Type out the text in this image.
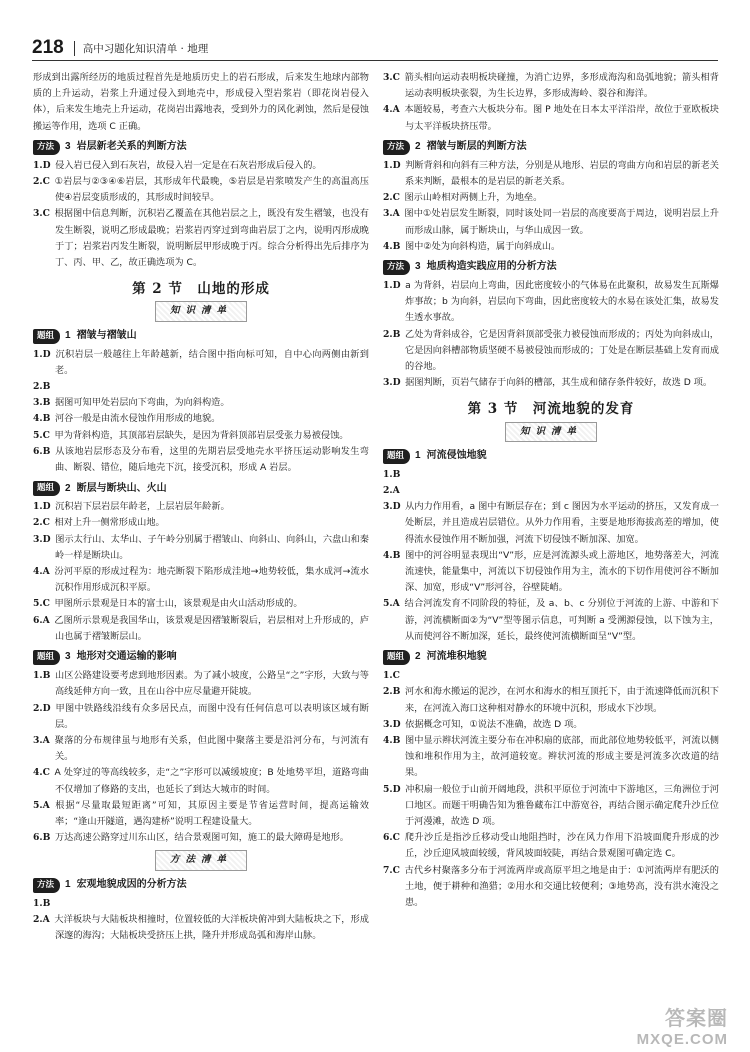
218	高中习题化知识清单 · 地理

形成到出露所经历的地质过程首先是地质历史上的岩石形成，后来发生地球内部物质的上升运动，岩浆上升通过侵入到地壳中，形成侵入型岩浆岩（即花岗岩侵入体），后来发生地壳上升运动，花岗岩出露地表，受到外力的风化剥蚀，然后是侵蚀搬运等作用，选项 C 正确。

方法	3 岩层新老关系的判断方法

1.D  侵入岩已侵入到石灰岩，故侵入岩一定是在石灰岩形成后侵入的。

2.C  ①岩层与②③④⑥岩层，其形成年代最晚，⑤岩层是岩浆喷发产生的高温高压使④岩层变质形成的，其形成时间较早。

3.C  根据图中信息判断，沉积岩乙覆盖在其他岩层之上，既没有发生褶皱，也没有发生断裂，说明乙形成最晚；岩浆岩丙穿过到弯曲岩层丁之内，说明丙形成晚于丁；岩浆岩丙发生断裂，说明断层甲形成晚于丙。综合分析得出先后排序为丁、丙、甲、乙，故正确选项为 C。

第 2 节　山地的形成
知识清单
题组	1 褶皱与褶皱山

1.D  沉积岩层一般越往上年龄越新，结合图中指向标可知，自中心向两侧由新到老。

2.B 

3.B  据图可知甲处岩层向下弯曲，为向斜构造。

4.B  河谷一般是由流水侵蚀作用形成的地貌。

5.C  甲为背斜构造，其顶部岩层缺失，是因为背斜顶部岩层受张力易被侵蚀。

6.B  从该地岩层形态及分布看，这里的先期岩层受地壳水平挤压运动影响发生弯曲、断裂、错位，随后地壳下沉，接受沉积，形成 A 岩层。

题组	2 断层与断块山、火山

1.D  沉积岩下层岩层年龄老，上层岩层年龄新。

2.C  相对上升一侧常形成山地。

3.D  图示太行山、太华山、子午岭分别属于褶皱山、向斜山、向斜山，六盘山和秦岭一样是断块山。

4.A  汾河平原的形成过程为：地壳断裂下陷形成洼地→地势较低，集水成河→流水沉积作用形成沉积平原。

5.C  甲图所示景观是日本的富士山，该景观是由火山活动形成的。

6.A  乙图所示景观是我国华山，该景观是因褶皱断裂后，岩层相对上升形成的，庐山也属于褶皱断层山。

题组	3 地形对交通运输的影响

1.B  山区公路建设要考虑到地形因素。为了减小坡度，公路呈“之”字形，大致与等高线延伸方向一致，且在山谷中应尽量避开陡坡。

2.D  甲图中铁路线沿线有众多居民点，而图中没有任何信息可以表明该区域有断层。

3.A  聚落的分布规律虽与地形有关系，但此图中聚落主要是沿河分布，与河流有关。

4.C  A 处穿过的等高线较多，走“之”字形可以减缓坡度；B 处地势平坦，道路弯曲不仅增加了修路的支出，也延长了到达大城市的时间。

5.A  根据“尽量取最短距离”可知，其原因主要是节省运营时间，提高运输效率；“逢山开隧道，遇沟建桥”说明工程建设量大。

6.B  万达高速公路穿过川东山区，结合景观图可知，施工的最大障碍是地形。

方法清单
方法	1 宏观地貌成因的分析方法

1.B 

2.A  大洋板块与大陆板块相撞时，位置较低的大洋板块俯冲到大陆板块之下，形成深邃的海沟；大陆板块受挤压上拱，隆升并形成岛弧和海岸山脉。

3.C  箭头相向运动表明板块碰撞，为消亡边界，多形成海沟和岛弧地貌；箭头相背运动表明板块张裂，为生长边界，多形成海岭、裂谷和海洋。

4.A  本题较易，考查六大板块分布。图 P 地处在日本太平洋沿岸，故位于亚欧板块与太平洋板块挤压带。

方法	2 褶皱与断层的判断方法

1.D  判断背斜和向斜有三种方法，分别是从地形、岩层的弯曲方向和岩层的新老关系来判断，最根本的是岩层的新老关系。

2.C  图示山岭相对两侧上升，为地垒。

3.A  图中①处岩层发生断裂，同时该处同一岩层的高度要高于周边，说明岩层上升而形成山脉，属于断块山，与华山成因一致。

4.B  图中②处为向斜构造，属于向斜成山。

方法	3 地质构造实践应用的分析方法

1.D  a 为背斜，岩层向上弯曲，因此密度较小的气体易在此聚积，故易发生瓦斯爆炸事故；b 为向斜，岩层向下弯曲，因此密度较大的水易在该处汇集，故易发生透水事故。

2.B  乙处为背斜成谷，它是因背斜顶部受张力被侵蚀而形成的；丙处为向斜成山，它是因向斜槽部物质坚硬不易被侵蚀而形成的；丁处是在断层基础上发育而成的谷地。

3.D  据图判断，页岩气储存于向斜的槽部，其生成和储存条件较好，故选 D 项。

第 3 节　河流地貌的发育
知识清单
题组	1 河流侵蚀地貌

1.B 

2.A 

3.D  从内力作用看，a 图中有断层存在；到 c 图因为水平运动的挤压，又发育成一处断层，并且造成岩层错位。从外力作用看，主要是地形海拔高差的增加，使得流水侵蚀作用不断加强，河流下切侵蚀不断加深、加宽。

4.B  图中的河谷明显表现出“V”形，应是河流源头或上游地区，地势落差大，河流流速快，能量集中，河流以下切侵蚀作用为主，流水的下切作用使河谷不断加深、加宽，形成“V”形河谷，谷壁陡峭。

5.A  结合河流发育不同阶段的特征，及 a、b、c 分别位于河流的上游、中游和下游，河流横断面②为“V”型等图示信息，可判断 a 受溯源侵蚀，以下蚀为主，从而使河谷不断加深，延长，最终使河流横断面呈“V”型。

题组	2 河流堆积地貌

1.C 

2.B  河水和海水搬运的泥沙，在河水和海水的相互顶托下，由于流速降低而沉积下来，在河流入海口这种相对静水的环境中沉积，形成水下沙坝。

3.D  依据概念可知，①说法不准确，故选 D 项。

4.B  图中显示辫状河流主要分布在冲积扇的底部，而此部位地势较低平，河流以侧蚀和堆积作用为主，故河道较宽。辫状河流的形成主要是河流多次改道的结果。

5.D  冲积扇一般位于山前开阔地段，洪积平原位于河流中下游地区，三角洲位于河口地区。而题干明确告知为雅鲁藏布江中游宽谷，再结合图示确定爬升沙丘位于河漫滩，故选 D 项。

6.C  爬升沙丘是指沙丘移动受山地阻挡时，沙在风力作用下沿坡面爬升形成的沙丘，沙丘迎风坡面较缓，背风坡面较陡，再结合景观图可确定选 C。

7.C  古代乡村聚落多分布于河流两岸或高原平坦之地是由于：①河流两岸有肥沃的土地，便于耕种和渔猎；②用水和交通比较便利；③地势高，没有洪水淹没之患。

答案圈
MXQE.COM
